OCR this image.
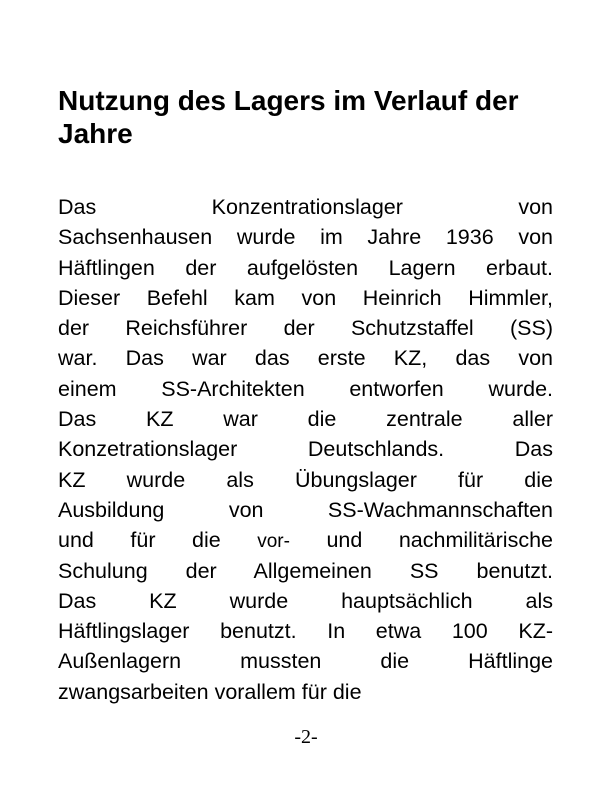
Nutzung des Lagers im Verlauf der Jahre
Das Konzentrationslager von
Sachsenhausen wurde im Jahre 1936 von
Häftlingen der aufgelösten Lagern erbaut.
Dieser Befehl kam von Heinrich Himmler,
der Reichsführer der Schutzstaffel (SS)
war. Das war das erste KZ, das von
einem SS-Architekten entworfen wurde.
Das KZ war die zentrale aller
Konzetrationslager Deutschlands. Das
KZ wurde als Übungslager für die
Ausbildung von SS-Wachmannschaften
und für die vor- und nachmilitärische
Schulung der Allgemeinen SS benutzt.
Das KZ wurde hauptsächlich als
Häftlingslager benutzt. In etwa 100 KZ-
Außenlagern mussten die Häftlinge
zwangsarbeiten vorallem für die
-2-
